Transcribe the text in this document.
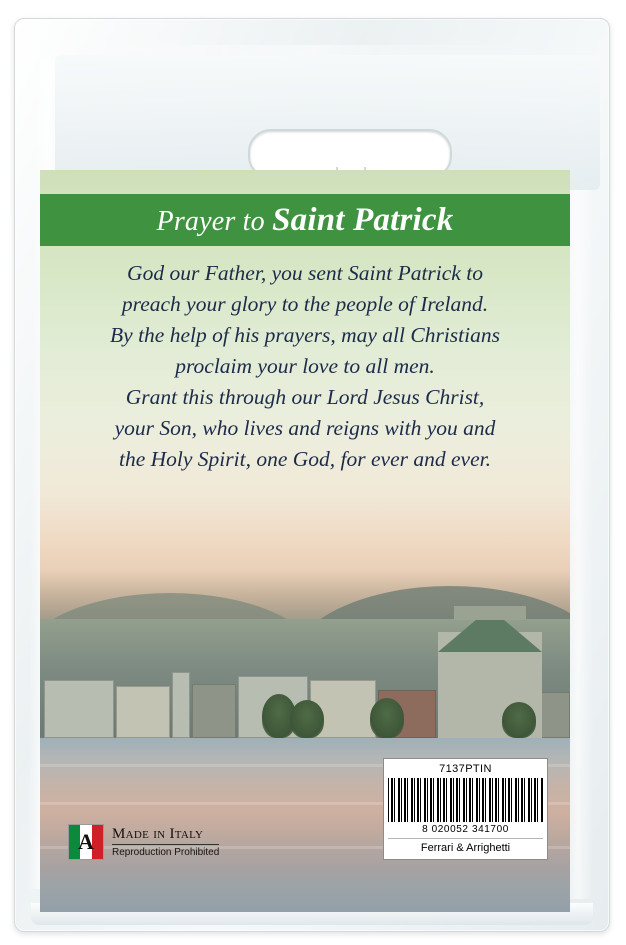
Prayer to Saint Patrick
God our Father, you sent Saint Patrick to
preach your glory to the people of Ireland.
By the help of his prayers, may all Christians
proclaim your love to all men.
Grant this through our Lord Jesus Christ,
your Son, who lives and reigns with you and
the Holy Spirit, one God, for ever and ever.
7137PTIN
8 020052 341700
Ferrari & Arrighetti
A	Made in Italy
Reproduction Prohibited
